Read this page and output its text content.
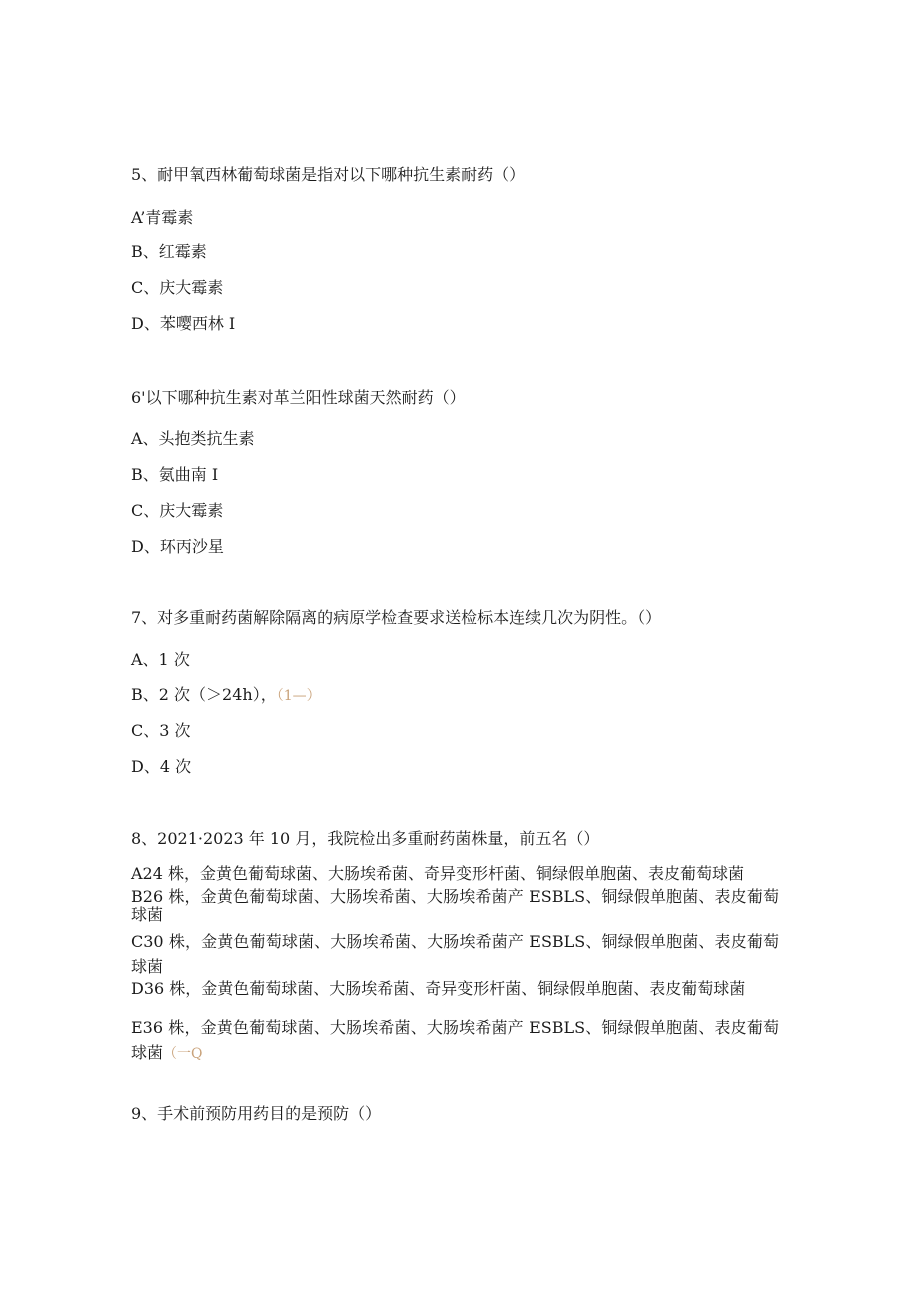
5、耐甲氧西林葡萄球菌是指对以下哪种抗生素耐药（）
A’青霉素
B、红霉素
C、庆大霉素
D、苯嘤西林 I
6'以下哪种抗生素对革兰阳性球菌天然耐药（）
A、头抱类抗生素
B、氨曲南 I
C、庆大霉素
D、环丙沙星
7、对多重耐药菌解除隔离的病原学检查要求送检标本连续几次为阴性。（）
A、1 次
B、2 次（＞24h），（1—）
C、3 次
D、4 次
8、2021·2023 年 10 月，我院检出多重耐药菌株量，前五名（）
A24 株，金黄色葡萄球菌、大肠埃希菌、奇异变形杆菌、铜绿假单胞菌、表皮葡萄球菌
B26 株，金黄色葡萄球菌、大肠埃希菌、大肠埃希菌产 ESBLS、铜绿假单胞菌、表皮葡萄球菌
C30 株，金黄色葡萄球菌、大肠埃希菌、大肠埃希菌产 ESBLS、铜绿假单胞菌、表皮葡萄球菌
D36 株，金黄色葡萄球菌、大肠埃希菌、奇异变形杆菌、铜绿假单胞菌、表皮葡萄球菌
E36 株，金黄色葡萄球菌、大肠埃希菌、大肠埃希菌产 ESBLS、铜绿假单胞菌、表皮葡萄球菌（一Q
9、手术前预防用药目的是预防（）
